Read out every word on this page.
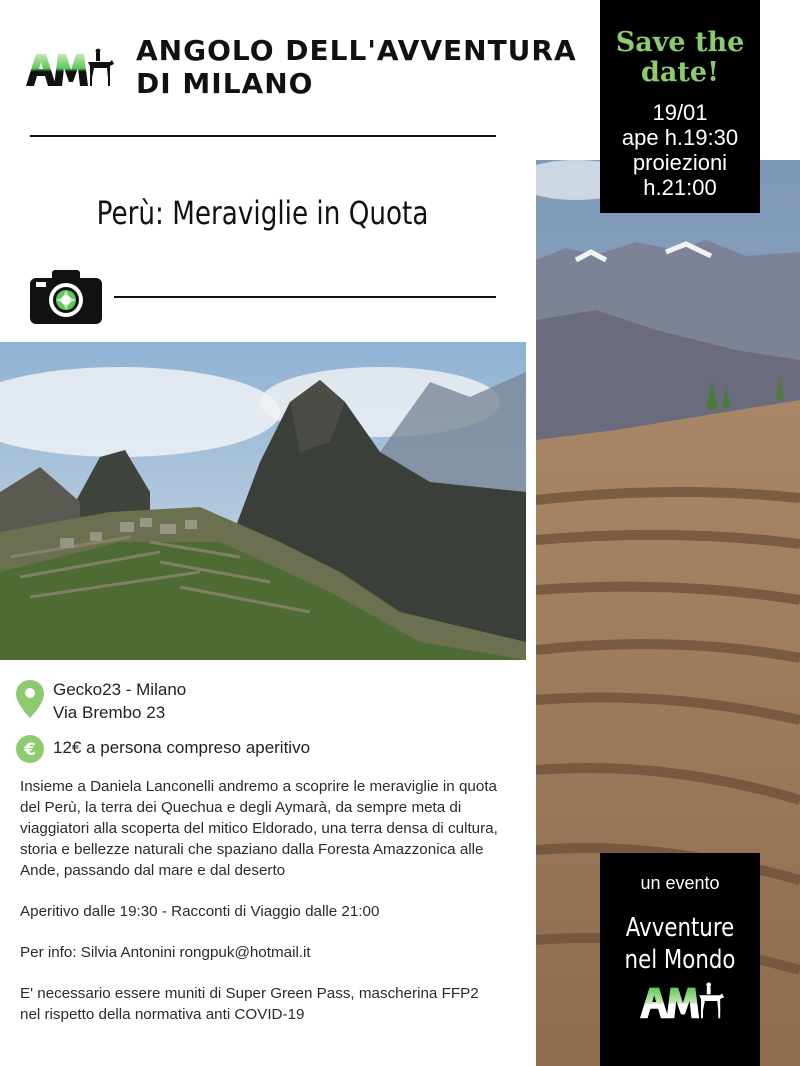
ANGOLO DELL'AVVENTURA
DI MILANO
Perù: Meraviglie in Quota
Save the date!
19/01
ape h.19:30
proiezioni
h.21:00
Gecko23 - Milano
Via Brembo 23
€ 12€ a persona compreso aperitivo

Insieme a Daniela Lanconelli andremo a scoprire le meraviglie in quota del Perù, la terra dei Quechua e degli Aymarà, da sempre meta di viaggiatori alla scoperta del mitico Eldorado, una terra densa di cultura, storia e bellezze naturali che spaziano dalla Foresta Amazzonica alle Ande, passando dal mare e dal deserto

Aperitivo dalle 19:30 - Racconti di Viaggio dalle 21:00

Per info: Silvia Antonini rongpuk@hotmail.it

E' necessario essere muniti di Super Green Pass, mascherina FFP2 nel rispetto della normativa anti COVID-19

un evento
Avventure
nel Mondo
